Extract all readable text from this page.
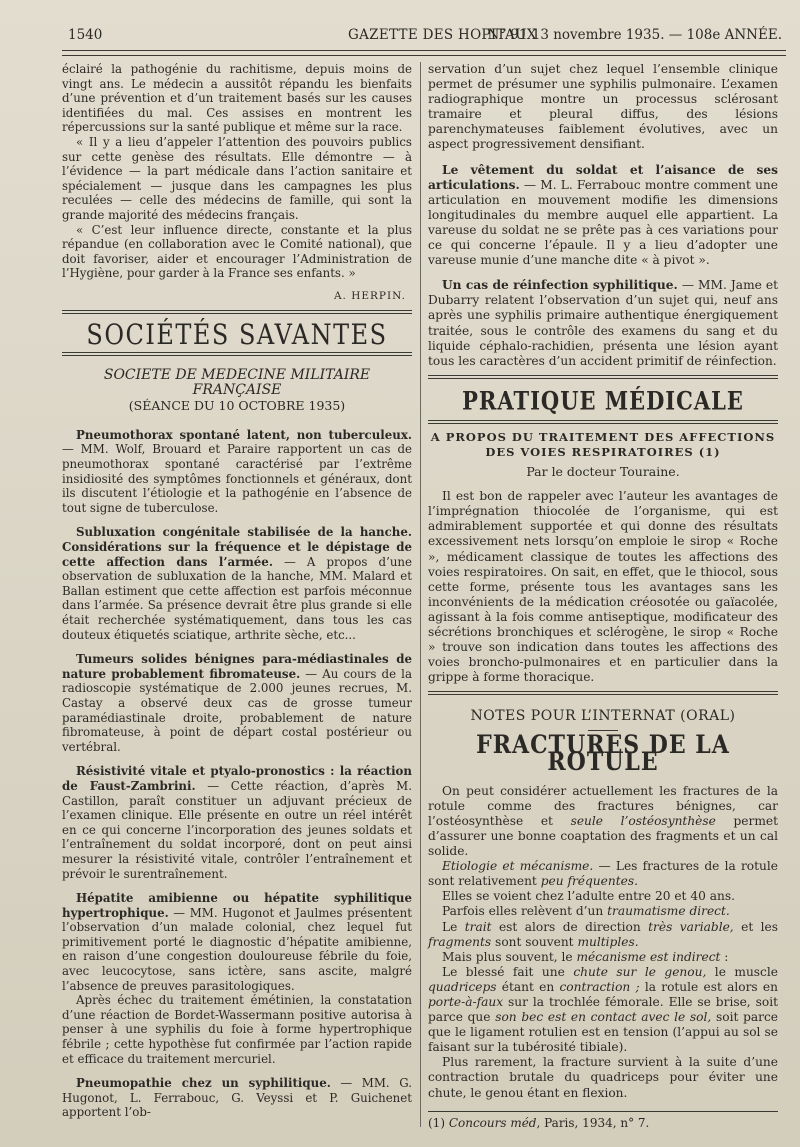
1540	GAZETTE DES HOPITAUX
N° 91 13 novembre 1935. — 108e ANNÉE.

éclairé la pathogénie du rachitisme, depuis moins de vingt ans. Le médecin a aussitôt répandu les bienfaits d’une prévention et d’un traitement basés sur les causes identifiées du mal. Ces assises en montrent les répercussions sur la santé publique et même sur la race.

« Il y a lieu d’appeler l’attention des pouvoirs publics sur cette genèse des résultats. Elle démontre — à l’évidence — la part médicale dans l’action sanitaire et spécialement — jusque dans les campagnes les plus reculées — celle des médecins de famille, qui sont la grande majorité des médecins français.

« C’est leur influence directe, constante et la plus répandue (en collaboration avec le Comité national), que doit favoriser, aider et encourager l’Administration de l’Hygiène, pour garder à la France ses enfants. »

A. HERPIN.

SOCIÉTÉS SAVANTES
SOCIETE DE MEDECINE MILITAIRE FRANÇAISE
(SÉANCE DU 10 OCTOBRE 1935)

Pneumothorax spontané latent, non tuberculeux. — MM. Wolf, Brouard et Paraire rapportent un cas de pneumothorax spontané caractérisé par l’extrême insidiosité des symptômes fonctionnels et généraux, dont ils discutent l’étiologie et la pathogénie en l’absence de tout signe de tuberculose.

Subluxation congénitale stabilisée de la hanche. Considérations sur la fréquence et le dépistage de cette affection dans l’armée. — A propos d’une observation de subluxation de la hanche, MM. Malard et Ballan estiment que cette affection est parfois méconnue dans l’armée. Sa présence devrait être plus grande si elle était recherchée systématiquement, dans tous les cas douteux étiquetés sciatique, arthrite sèche, etc...

Tumeurs solides bénignes para-médiastinales de nature probablement fibromateuse. — Au cours de la radioscopie systématique de 2.000 jeunes recrues, M. Castay a observé deux cas de grosse tumeur paramédiastinale droite, probablement de nature fibromateuse, à point de départ costal postérieur ou vertébral.

Résistivité vitale et ptyalo-pronostics : la réaction de Faust-Zambrini. — Cette réaction, d’après M. Castillon, paraît constituer un adjuvant précieux de l’examen clinique. Elle présente en outre un réel intérêt en ce qui concerne l’incorporation des jeunes soldats et l’entraînement du soldat incorporé, dont on peut ainsi mesurer la résistivité vitale, contrôler l’entraînement et prévoir le surentraînement.

Hépatite amibienne ou hépatite syphilitique hypertrophique. — MM. Hugonot et Jaulmes présentent l’observation d’un malade colonial, chez lequel fut primitivement porté le diagnostic d’hépatite amibienne, en raison d’une congestion douloureuse fébrile du foie, avec leucocytose, sans ictère, sans ascite, malgré l’absence de preuves parasitologiques.

Après échec du traitement émétinien, la constatation d’une réaction de Bordet-Wassermann positive autorisa à penser à une syphilis du foie à forme hypertrophique fébrile ; cette hypothèse fut confirmée par l’action rapide et efficace du traitement mercuriel.

Pneumopathie chez un syphilitique. — MM. G. Hugonot, L. Ferrabouc, G. Veyssi et P. Guichenet apportent l’ob-

servation d’un sujet chez lequel l’ensemble clinique permet de présumer une syphilis pulmonaire. L’examen radiographique montre un processus sclérosant tramaire et pleural diffus, des lésions parenchymateuses faiblement évolutives, avec un aspect progressivement densifiant.

Le vêtement du soldat et l’aisance de ses articulations. — M. L. Ferrabouc montre comment une articulation en mouvement modifie les dimensions longitudinales du membre auquel elle appartient. La vareuse du soldat ne se prête pas à ces variations pour ce qui concerne l’épaule. Il y a lieu d’adopter une vareuse munie d’une manche dite « à pivot ».

Un cas de réinfection syphilitique. — MM. Jame et Dubarry relatent l’observation d’un sujet qui, neuf ans après une syphilis primaire authentique énergiquement traitée, sous le contrôle des examens du sang et du liquide céphalo-rachidien, présenta une lésion ayant tous les caractères d’un accident primitif de réinfection.

PRATIQUE MÉDICALE
A PROPOS DU TRAITEMENT DES AFFECTIONS DES VOIES RESPIRATOIRES (1)
Par le docteur Touraine.

Il est bon de rappeler avec l’auteur les avantages de l’imprégnation thiocolée de l’organisme, qui est admirablement supportée et qui donne des résultats excessivement nets lorsqu’on emploie le sirop « Roche », médicament classique de toutes les affections des voies respiratoires. On sait, en effet, que le thiocol, sous cette forme, présente tous les avantages sans les inconvénients de la médication créosotée ou gaïacolée, agissant à la fois comme antiseptique, modificateur des sécrétions bronchiques et sclérogène, le sirop « Roche » trouve son indication dans toutes les affections des voies broncho-pulmonaires et en particulier dans la grippe à forme thoracique.

NOTES POUR L’INTERNAT (ORAL)
FRACTURES DE LA ROTULE

On peut considérer actuellement les fractures de la rotule comme des fractures bénignes, car l’ostéosynthèse et seule l’ostéosynthèse permet d’assurer une bonne coaptation des fragments et un cal solide.

Etiologie et mécanisme. — Les fractures de la rotule sont relativement peu fréquentes.

Elles se voient chez l’adulte entre 20 et 40 ans.

Parfois elles relèvent d’un traumatisme direct.

Le trait est alors de direction très variable, et les fragments sont souvent multiples.

Mais plus souvent, le mécanisme est indirect :

Le blessé fait une chute sur le genou, le muscle quadriceps étant en contraction ; la rotule est alors en porte-à-faux sur la trochlée fémorale. Elle se brise, soit parce que son bec est en contact avec le sol, soit parce que le ligament rotulien est en tension (l’appui au sol se faisant sur la tubérosité tibiale).

Plus rarement, la fracture survient à la suite d’une contraction brutale du quadriceps pour éviter une chute, le genou étant en flexion.

(1) Concours méd, Paris, 1934, n° 7.
